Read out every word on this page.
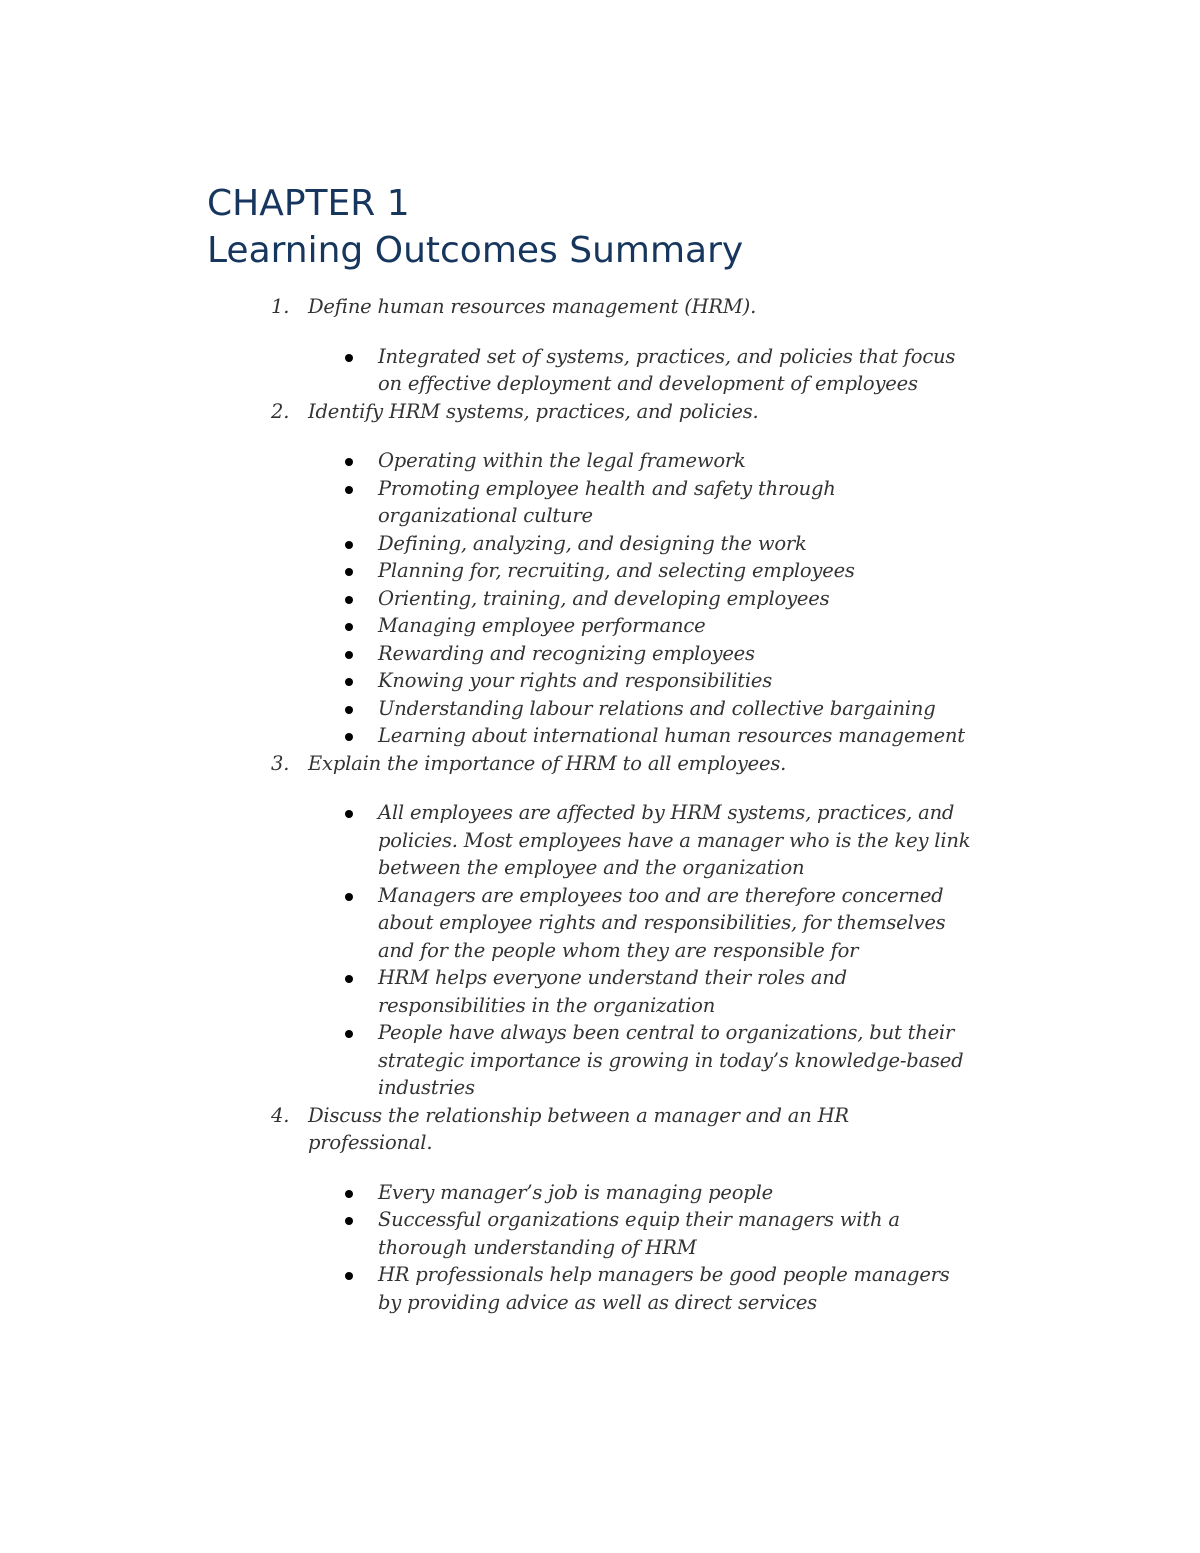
CHAPTER 1
Learning Outcomes Summary
1. Define human resources management (HRM).
Integrated set of systems, practices, and policies that focus on effective deployment and development of employees
2. Identify HRM systems, practices, and policies.
Operating within the legal framework
Promoting employee health and safety through organizational culture
Defining, analyzing, and designing the work
Planning for, recruiting, and selecting employees
Orienting, training, and developing employees
Managing employee performance
Rewarding and recognizing employees
Knowing your rights and responsibilities
Understanding labour relations and collective bargaining
Learning about international human resources management
3. Explain the importance of HRM to all employees.
All employees are affected by HRM systems, practices, and policies. Most employees have a manager who is the key link between the employee and the organization
Managers are employees too and are therefore concerned about employee rights and responsibilities, for themselves and for the people whom they are responsible for
HRM helps everyone understand their roles and responsibilities in the organization
People have always been central to organizations, but their strategic importance is growing in today’s knowledge-based industries
4. Discuss the relationship between a manager and an HR professional.
Every manager’s job is managing people
Successful organizations equip their managers with a thorough understanding of HRM
HR professionals help managers be good people managers by providing advice as well as direct services
